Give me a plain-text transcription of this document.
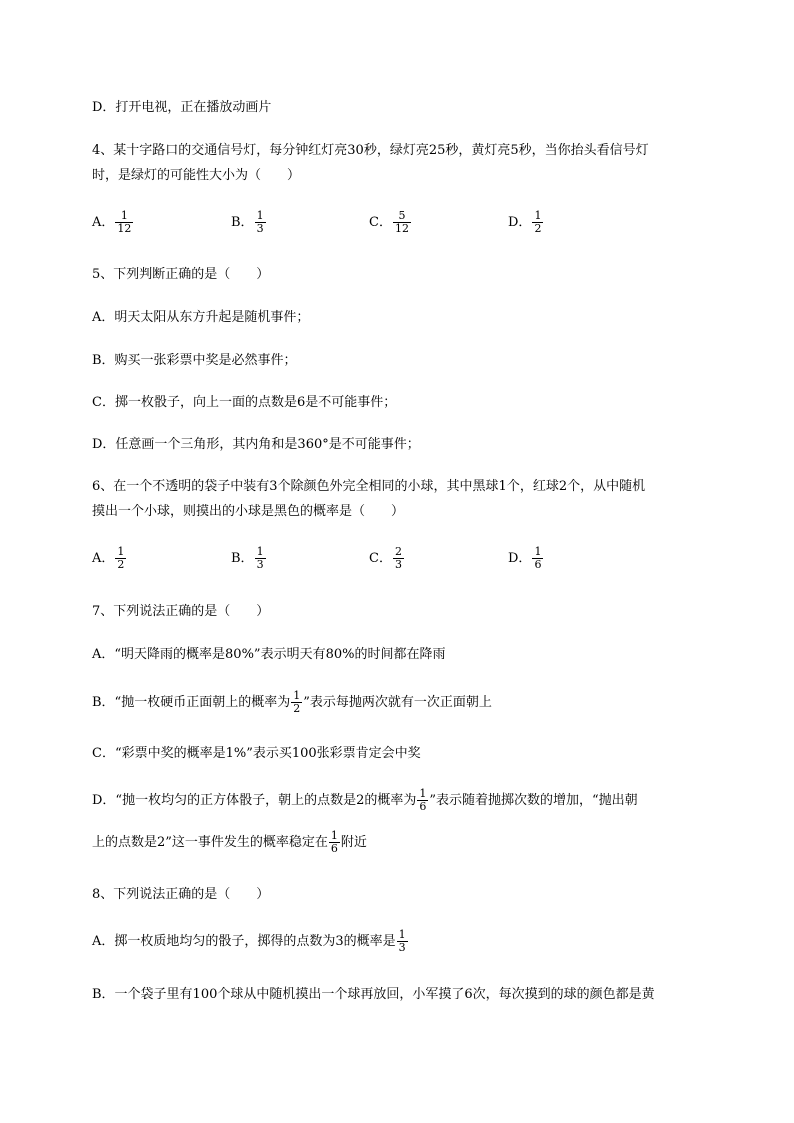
D．打开电视，正在播放动画片
4、某十字路口的交通信号灯，每分钟红灯亮30秒，绿灯亮25秒，黄灯亮5秒，当你抬头看信号灯
时，是绿灯的可能性大小为（　　）
A． $\frac{1}{12}$	B． $\frac{1}{3}$	C． $\frac{5}{12}$	D． $\frac{1}{2}$
5、下列判断正确的是（　　）
A．明天太阳从东方升起是随机事件；
B．购买一张彩票中奖是必然事件；
C．掷一枚骰子，向上一面的点数是6是不可能事件；
D．任意画一个三角形，其内角和是360°是不可能事件；
6、在一个不透明的袋子中装有3个除颜色外完全相同的小球，其中黑球1个，红球2个，从中随机
摸出一个小球，则摸出的小球是黑色的概率是（　　）
A． $\frac{1}{2}$	B． $\frac{1}{3}$	C． $\frac{2}{3}$	D． $\frac{1}{6}$
7、下列说法正确的是（　　）
A．“明天降雨的概率是80%”表示明天有80%的时间都在降雨
B．“抛一枚硬币正面朝上的概率为 $\frac{1}{2}$ ”表示每抛两次就有一次正面朝上
C．“彩票中奖的概率是1%”表示买100张彩票肯定会中奖
D．“抛一枚均匀的正方体骰子，朝上的点数是2的概率为 $\frac{1}{6}$ ”表示随着抛掷次数的增加，“抛出朝
上的点数是2”这一事件发生的概率稳定在 $\frac{1}{6}$ 附近
8、下列说法正确的是（　　）
A．掷一枚质地均匀的骰子，掷得的点数为3的概率是 $\frac{1}{3}$
B．一个袋子里有100个球从中随机摸出一个球再放回，小军摸了6次，每次摸到的球的颜色都是黄
